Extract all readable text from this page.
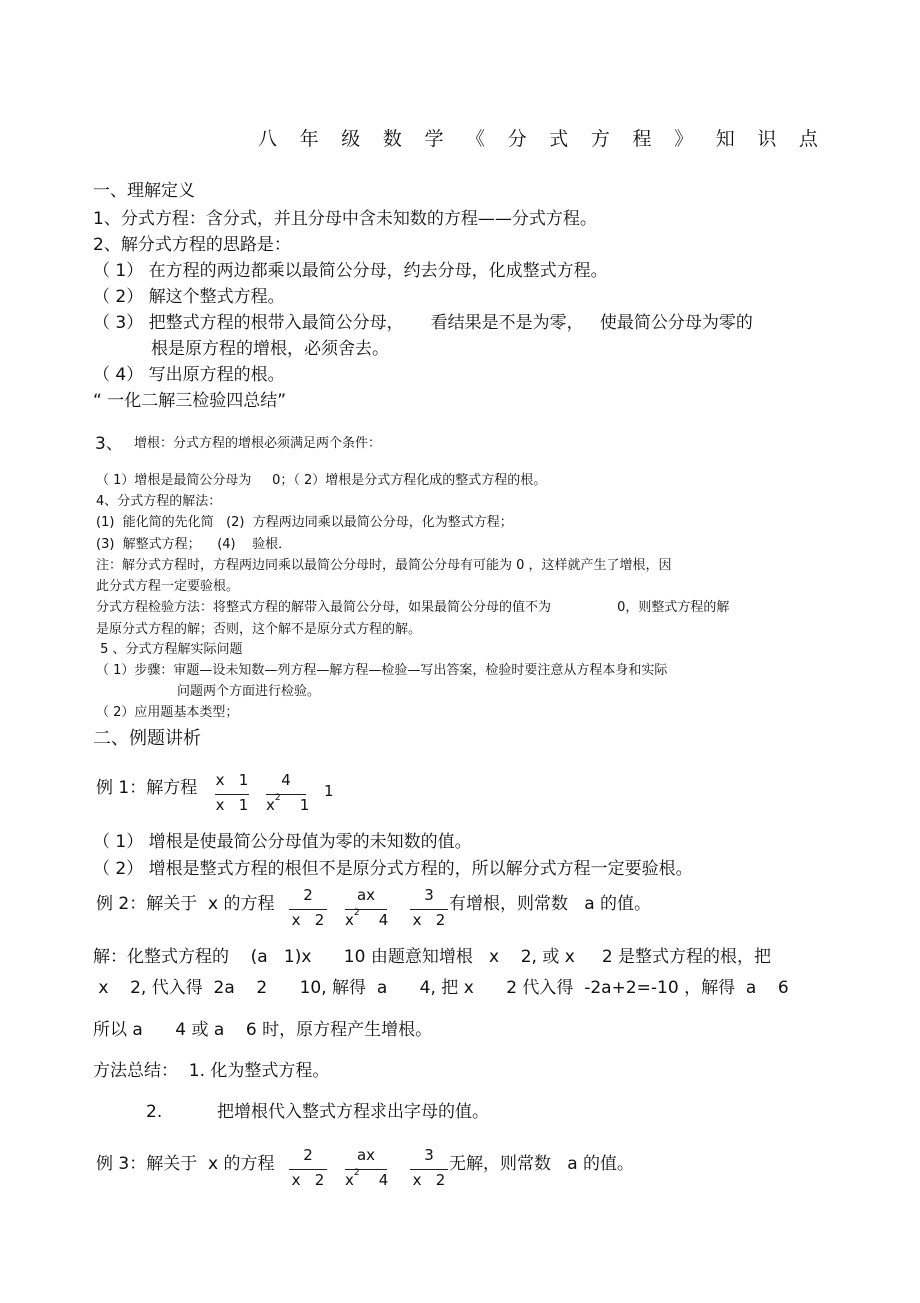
八 年 级 数 学 《 分 式 方 程 》 知 识 点
一、理解定义
1、分式方程：含分式，并且分母中含未知数的方程——分式方程。
2、解分式方程的思路是：
（ 1） 在方程的两边都乘以最简公分母，约去分母，化成整式方程。
（ 2） 解这个整式方程。
（ 3） 把整式方程的根带入最简公分母，     看结果是不是为零，   使最简公分母为零的
根是原方程的增根，必须舍去。
（ 4） 写出原方程的根。
“ 一化二解三检验四总结”
3、 增根：分式方程的增根必须满足两个条件：
（ 1）增根是最简公分母为     0；（ 2）增根是分式方程化成的整式方程的根。
4、分式方程的解法：
(1)  能化简的先化简   (2)  方程两边同乘以最简公分母，化为整式方程；
(3)  解整式方程；    (4)    验根．
注：解分式方程时，方程两边同乘以最简公分母时，最简公分母有可能为 0 ，这样就产生了增根，因
此分式方程一定要验根。
分式方程检验方法：将整式方程的解带入最简公分母，如果最简公分母的值不为                0，则整式方程的解
是原分式方程的解；否则，这个解不是原分式方程的解。
5 、分式方程解实际问题
（ 1）步骤：审题—设未知数—列方程—解方程—检验—写出答案，检验时要注意从方程本身和实际
问题两个方面进行检验。
（ 2）应用题基本类型；
二、例题讲析
例 1：解方程 x   1
x   1
4
$x^2$    1
1
（ 1） 增根是使最简公分母值为零的未知数的值。
（ 2） 增根是整式方程的根但不是原分式方程的，所以解分式方程一定要验根。
例 2：解关于  x 的方程	2
x   2
ax
$x^2$    4
3
x   2
有增根，则常数   a 的值。
解：化整式方程的    (a   1)x      10 由题意知增根   x    2, 或 x     2 是整式方程的根，把
x    2, 代入得  2a    2      10, 解得  a      4, 把 x      2 代入得  -2a+2=-10 ，解得  a    6
所以 a      4 或 a    6 时，原方程产生增根。
方法总结：  1. 化为整式方程。
2.	把增根代入整式方程求出字母的值。
例 3：解关于  x 的方程	2
x   2
ax
$x^2$    4
3
x   2
无解，则常数   a 的值。
